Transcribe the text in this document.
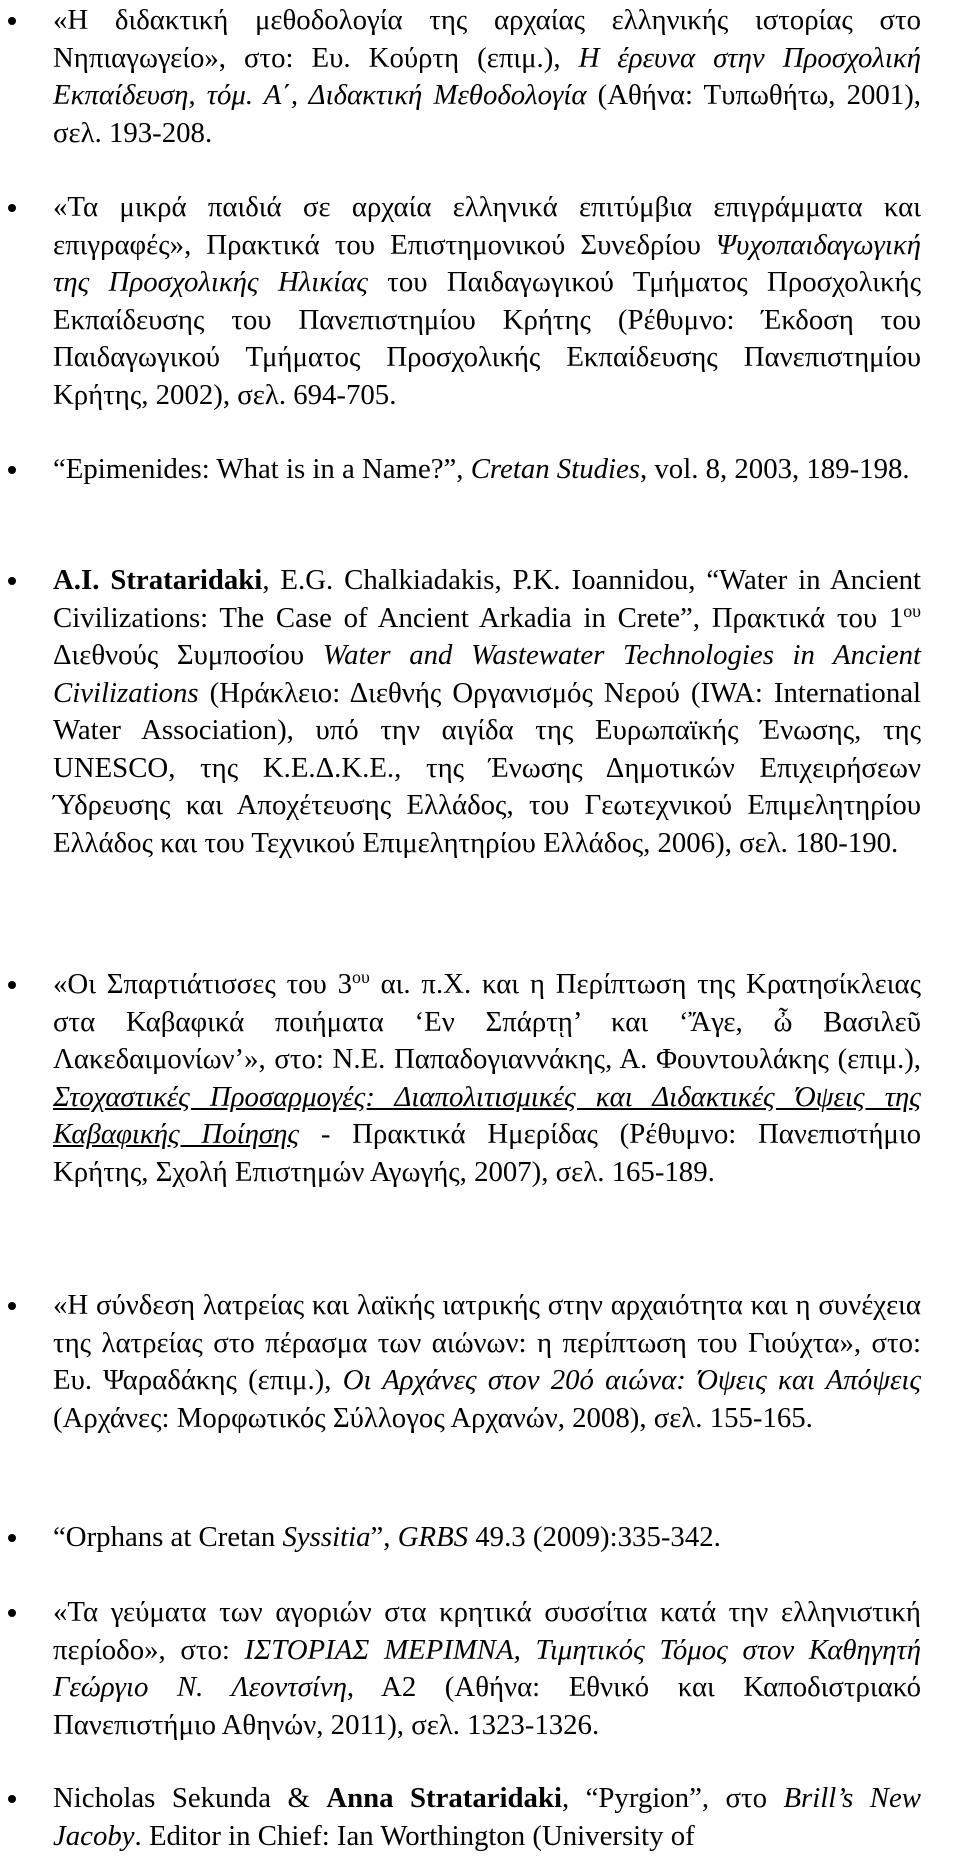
«Η διδακτική μεθοδολογία της αρχαίας ελληνικής ιστορίας στο Νηπιαγωγείο», στο: Ευ. Κούρτη (επιμ.), Η έρευνα στην Προσχολική Εκπαίδευση, τόμ. Α΄, Διδακτική Μεθοδολογία (Αθήνα: Τυπωθήτω, 2001), σελ. 193-208.
«Τα μικρά παιδιά σε αρχαία ελληνικά επιτύμβια επιγράμματα και επιγραφές», Πρακτικά του Επιστημονικού Συνεδρίου Ψυχοπαιδαγωγική της Προσχολικής Ηλικίας του Παιδαγωγικού Τμήματος Προσχολικής Εκπαίδευσης του Πανεπιστημίου Κρήτης (Ρέθυμνο: Έκδοση του Παιδαγωγικού Τμήματος Προσχολικής Εκπαίδευσης Πανεπιστημίου Κρήτης, 2002), σελ. 694-705.
“Epimenides: What is in a Name?”, Cretan Studies, vol. 8, 2003, 189-198.
A.I. Strataridaki, E.G. Chalkiadakis, P.K. Ioannidou, “Water in Ancient Civilizations: The Case of Ancient Arkadia in Crete”, Πρακτικά του $1^{o\upsilon}$ Διεθνούς Συμποσίου Water and Wastewater Technologies in Ancient Civilizations (Ηράκλειο: Διεθνής Οργανισμός Νερού (IWA: International Water Association), υπό την αιγίδα της Ευρωπαϊκής Ένωσης, της UNESCO, της Κ.Ε.Δ.Κ.Ε., της Ένωσης Δημοτικών Επιχειρήσεων Ύδρευσης και Αποχέτευσης Ελλάδος, του Γεωτεχνικού Επιμελητηρίου Ελλάδος και του Τεχνικού Επιμελητηρίου Ελλάδος, 2006), σελ. 180-190.
«Οι Σπαρτιάτισσες του $3^{o\upsilon}$ αι. π.Χ. και η Περίπτωση της Κρατησίκλειας στα Καβαφικά ποιήματα ‘Εν Σπάρτῃ’ και ‘Ἄγε, ὦ Βασιλεῦ Λακεδαιμονίων’», στο: Ν.Ε. Παπαδογιαννάκης, Α. Φουντουλάκης (επιμ.), Στοχαστικές Προσαρμογές: Διαπολιτισμικές και Διδακτικές Όψεις της Καβαφικής Ποίησης - Πρακτικά Ημερίδας (Ρέθυμνο: Πανεπιστήμιο Κρήτης, Σχολή Επιστημών Αγωγής, 2007), σελ. 165-189.
«Η σύνδεση λατρείας και λαϊκής ιατρικής στην αρχαιότητα και η συνέχεια της λατρείας στο πέρασμα των αιώνων: η περίπτωση του Γιούχτα», στο: Ευ. Ψαραδάκης (επιμ.), Οι Αρχάνες στον 20ό αιώνα: Όψεις και Απόψεις (Αρχάνες: Μορφωτικός Σύλλογος Αρχανών, 2008), σελ. 155-165.
“Orphans at Cretan Syssitia”, GRBS 49.3 (2009):335-342.
«Τα γεύματα των αγοριών στα κρητικά συσσίτια κατά την ελληνιστική περίοδο», στο: ΙΣΤΟΡΙΑΣ ΜΕΡΙΜΝΑ, Τιμητικός Τόμος στον Καθηγητή Γεώργιο Ν. Λεοντσίνη, Α2 (Αθήνα: Εθνικό και Καποδιστριακό Πανεπιστήμιο Αθηνών, 2011), σελ. 1323-1326.
Nicholas Sekunda & Anna Strataridaki, “Pyrgion”, στο Brill’s New Jacoby. Editor in Chief: Ian Worthington (University of
